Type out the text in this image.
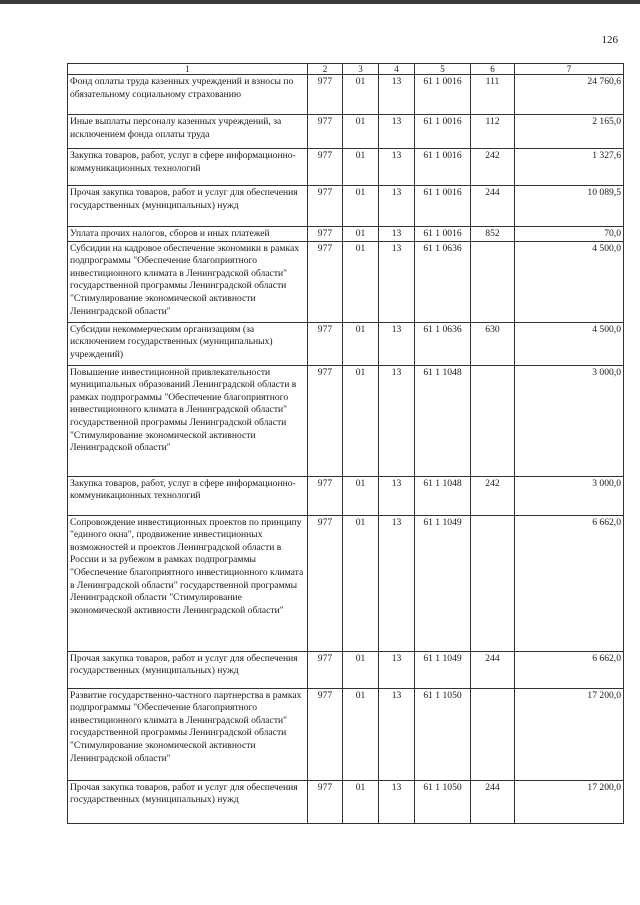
126
1	2	3	4	5	6	7
Фонд оплаты труда казенных учреждений и взносы по обязательному социальному страхованию	977	01	13	61 1 0016	111	24 760,6
Иные выплаты персоналу казенных учреждений, за исключением фонда оплаты труда	977	01	13	61 1 0016	112	2 165,0
Закупка товаров, работ, услуг в сфере информационно-коммуникационных технологий	977	01	13	61 1 0016	242	1 327,6
Прочая закупка товаров, работ и услуг для обеспечения государственных (муниципальных) нужд	977	01	13	61 1 0016	244	10 089,5
Уплата прочих налогов, сборов и иных платежей	977	01	13	61 1 0016	852	70,0
Субсидии на кадровое обеспечение экономики в рамках подпрограммы "Обеспечение благоприятного инвестиционного климата в Ленинградской области" государственной программы Ленинградской области "Стимулирование экономической активности Ленинградской области"	977	01	13	61 1 0636		4 500,0
Субсидии некоммерческим организациям (за исключением государственных (муниципальных) учреждений)	977	01	13	61 1 0636	630	4 500,0
Повышение инвестиционной привлекательности муниципальных образований Ленинградской области в рамках подпрограммы "Обеспечение благоприятного инвестиционного климата в Ленинградской области" государственной программы Ленинградской области "Стимулирование экономической активности Ленинградской области"	977	01	13	61 1 1048		3 000,0
Закупка товаров, работ, услуг в сфере информационно-коммуникационных технологий	977	01	13	61 1 1048	242	3 000,0
Сопровождение инвестиционных проектов по принципу "единого окна", продвижение инвестиционных возможностей и проектов Ленинградской области в России и за рубежом в рамках подпрограммы "Обеспечение благоприятного инвестиционного климата в Ленинградской области" государственной программы Ленинградской области "Стимулирование экономической активности Ленинградской области"	977	01	13	61 1 1049		6 662,0
Прочая закупка товаров, работ и услуг для обеспечения государственных (муниципальных) нужд	977	01	13	61 1 1049	244	6 662,0
Развитие государственно-частного партнерства в рамках подпрограммы "Обеспечение благоприятного инвестиционного климата в Ленинградской области" государственной программы Ленинградской области "Стимулирование экономической активности Ленинградской области"	977	01	13	61 1 1050		17 200,0
Прочая закупка товаров, работ и услуг для обеспечения государственных (муниципальных) нужд	977	01	13	61 1 1050	244	17 200,0
